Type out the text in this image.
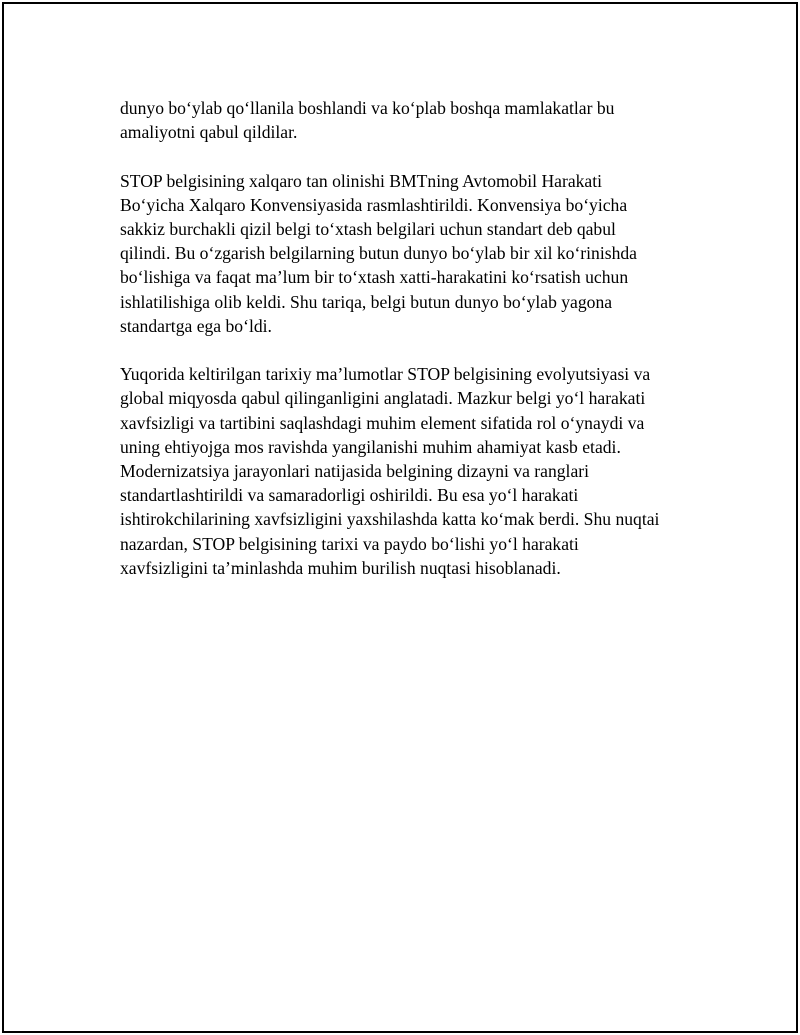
dunyo bo‘ylab qo‘llanila boshlandi va ko‘plab boshqa mamlakatlar bu
amaliyotni qabul qildilar.

STOP belgisining xalqaro tan olinishi BMTning Avtomobil Harakati
Bo‘yicha Xalqaro Konvensiyasida rasmlashtirildi. Konvensiya bo‘yicha
sakkiz burchakli qizil belgi to‘xtash belgilari uchun standart deb qabul
qilindi. Bu o‘zgarish belgilarning butun dunyo bo‘ylab bir xil ko‘rinishda
bo‘lishiga va faqat ma’lum bir to‘xtash xatti-harakatini ko‘rsatish uchun
ishlatilishiga olib keldi. Shu tariqa, belgi butun dunyo bo‘ylab yagona
standartga ega bo‘ldi.

Yuqorida keltirilgan tarixiy ma’lumotlar STOP belgisining evolyutsiyasi va
global miqyosda qabul qilinganligini anglatadi. Mazkur belgi yo‘l harakati
xavfsizligi va tartibini saqlashdagi muhim element sifatida rol o‘ynaydi va
uning ehtiyojga mos ravishda yangilanishi muhim ahamiyat kasb etadi.
Modernizatsiya jarayonlari natijasida belgining dizayni va ranglari
standartlashtirildi va samaradorligi oshirildi. Bu esa yo‘l harakati
ishtirokchilarining xavfsizligini yaxshilashda katta ko‘mak berdi. Shu nuqtai
nazardan, STOP belgisining tarixi va paydo bo‘lishi yo‘l harakati
xavfsizligini ta’minlashda muhim burilish nuqtasi hisoblanadi.
